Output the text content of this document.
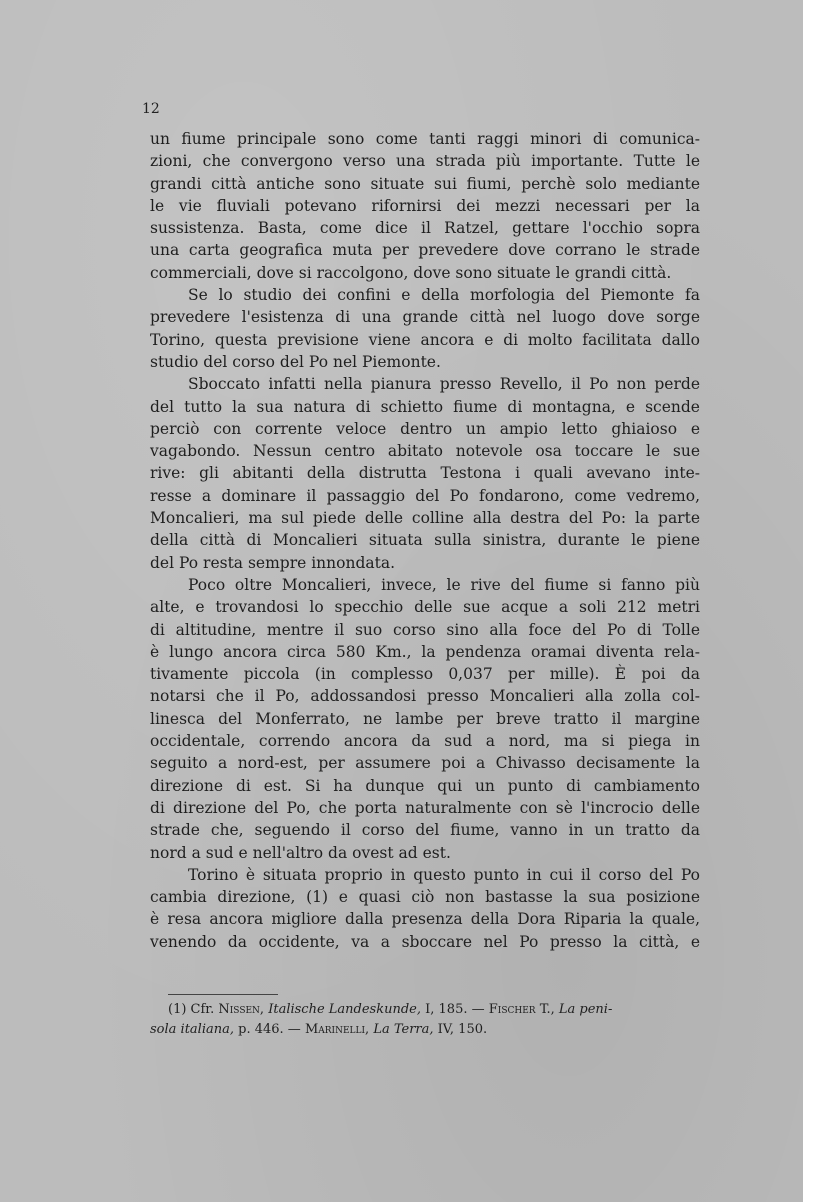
12
un fiume principale sono come tanti raggi minori di comunica-
zioni, che convergono verso una strada più importante. Tutte le
grandi città antiche sono situate sui fiumi, perchè solo mediante
le vie fluviali potevano rifornirsi dei mezzi necessari per la
sussistenza. Basta, come dice il Ratzel, gettare l'occhio sopra
una carta geografica muta per prevedere dove corrano le strade
commerciali, dove si raccolgono, dove sono situate le grandi città.
Se lo studio dei confini e della morfologia del Piemonte fa
prevedere l'esistenza di una grande città nel luogo dove sorge
Torino, questa previsione viene ancora e di molto facilitata dallo
studio del corso del Po nel Piemonte.
Sboccato infatti nella pianura presso Revello, il Po non perde
del tutto la sua natura di schietto fiume di montagna, e scende
perciò con corrente veloce dentro un ampio letto ghiaioso e
vagabondo. Nessun centro abitato notevole osa toccare le sue
rive: gli abitanti della distrutta Testona i quali avevano inte-
resse a dominare il passaggio del Po fondarono, come vedremo,
Moncalieri, ma sul piede delle colline alla destra del Po: la parte
della città di Moncalieri situata sulla sinistra, durante le piene
del Po resta sempre innondata.
Poco oltre Moncalieri, invece, le rive del fiume si fanno più
alte, e trovandosi lo specchio delle sue acque a soli 212 metri
di altitudine, mentre il suo corso sino alla foce del Po di Tolle
è lungo ancora circa 580 Km., la pendenza oramai diventa rela-
tivamente piccola (in complesso 0,037 per mille). È poi da
notarsi che il Po, addossandosi presso Moncalieri alla zolla col-
linesca del Monferrato, ne lambe per breve tratto il margine
occidentale, correndo ancora da sud a nord, ma si piega in
seguito a nord-est, per assumere poi a Chivasso decisamente la
direzione di est. Si ha dunque qui un punto di cambiamento
di direzione del Po, che porta naturalmente con sè l'incrocio delle
strade che, seguendo il corso del fiume, vanno in un tratto da
nord a sud e nell'altro da ovest ad est.
Torino è situata proprio in questo punto in cui il corso del Po
cambia direzione, (1) e quasi ciò non bastasse la sua posizione
è resa ancora migliore dalla presenza della Dora Riparia la quale,
venendo da occidente, va a sboccare nel Po presso la città, e
(1) Cfr. Nissen, Italische Landeskunde, I, 185. — Fischer T., La peni-
sola italiana, p. 446. — Marinelli, La Terra, IV, 150.
